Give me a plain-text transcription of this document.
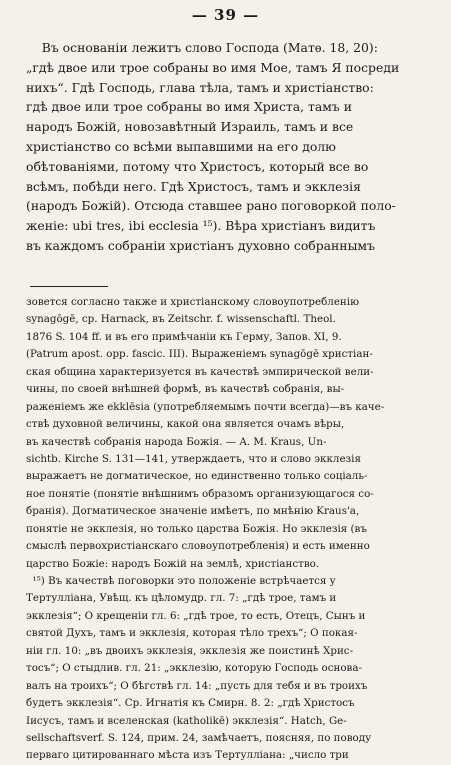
— 39 —
Въ основаніи лежитъ слово Господа (Матѳ. 18, 20):
„гдѣ двое или трое собраны во имя Мое, тамъ Я посреди
нихъ“. Гдѣ Господь, глава тѣла, тамъ и христіанство:
гдѣ двое или трое собраны во имя Христа, тамъ и
народъ Божій, новозавѣтный Израиль, тамъ и все
христіанство со всѣми выпавшими на его долю
обѣтованіями, потому что Христосъ, который все во
всѣмъ, побѣди него. Гдѣ Христосъ, тамъ и экклезія
(народъ Божій). Отсюда ставшее рано поговоркой поло-
женіе: ubi tres, ibi ecclesia ¹⁵). Вѣра христіанъ видитъ
въ каждомъ собраніи христіанъ духовно собраннымъ
зовется согласно также и христіанскому словоупотребленію
synagōgē, ср. Harnack, въ Zeitschr. f. wissenschaftl. Theol.
1876 S. 104 ff. и въ его примѣчаніи къ Герму, Запов. XI, 9.
(Patrum apost. opp. fascic. III). Выраженіемъ synagōgē христіан-
ская община характеризуется въ качествѣ эмпирической вели-
чины, по своей внѣшней формѣ, въ качествѣ собранія, вы-
раженіемъ же ekklēsia (употребляемымъ почти всегда)—въ каче-
ствѣ духовной величины, какой она является очамъ вѣры,
въ качествѣ собранія народа Божія. — A. M. Kraus, Un-
sichtb. Kirche S. 131—141, утверждаетъ, что и слово экклезія
выражаетъ не догматическое, но единственно только соціаль-
ное понятіе (понятіе внѣшнимъ образомъ организующагося со-
бранія). Догматическое значеніе имѣетъ, по мнѣнію Kraus'a,
понятіе не экклезія, но только царства Божія. Но экклезія (въ
смыслѣ первохристіанскаго словоупотребленія) и есть именно
царство Божіе: народъ Божій на землѣ, христіанство.
¹⁵) Въ качествѣ поговорки это положеніе встрѣчается у
Тертулліана, Увѣщ. къ цѣломудр. гл. 7: „гдѣ трое, тамъ и
экклезія“; О крещеніи гл. 6: „гдѣ трое, то есть, Отецъ, Сынъ и
святой Духъ, тамъ и экклезія, которая тѣло трехъ“; О покая-
ніи гл. 10: „въ двоихъ экклезія, экклезія же поистинѣ Хрис-
тосъ“; О стыдлив. гл. 21: „экклезію, которую Господь основа-
валъ на троихъ“; О бѣгствѣ гл. 14: „пусть для тебя и въ троихъ
будетъ экклезія“. Ср. Игнатія къ Смирн. 8. 2: „гдѣ Христосъ
Іисусъ, тамъ и вселенская (katholikē) экклезія“. Hatch, Ge-
sellschaftsverf. S. 124, прим. 24, замѣчаетъ, поясняя, по поводу
перваго цитированнаго мѣста изъ Тертулліана: „число три
